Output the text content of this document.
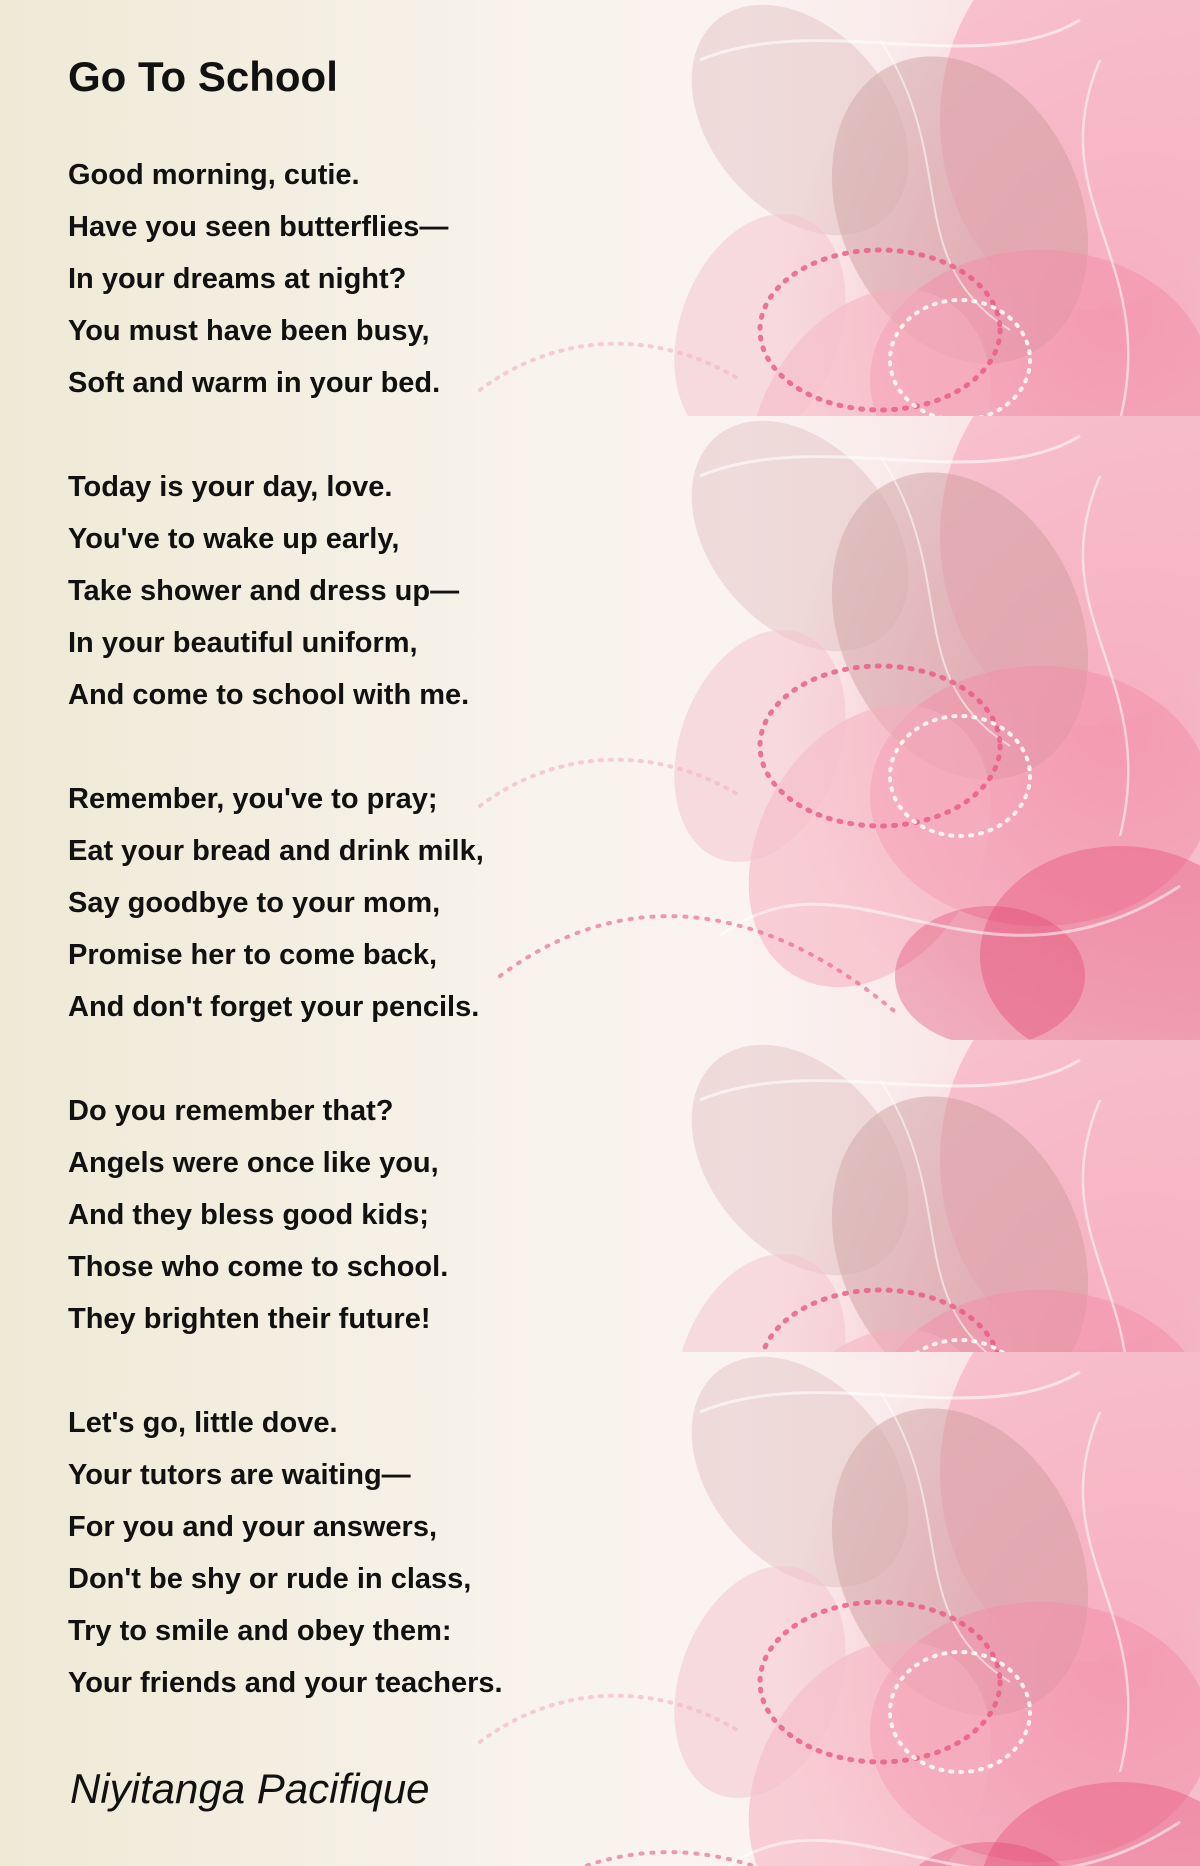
Go To School
Good morning, cutie.
Have you seen butterflies—
In your dreams at night?
You must have been busy,
Soft and warm in your bed.
Today is your day, love.
You've to wake up early,
Take shower and dress up—
In your beautiful uniform,
And come to school with me.
Remember, you've to pray;
Eat your bread and drink milk,
Say goodbye to your mom,
Promise her to come back,
And don't forget your pencils.
Do you remember that?
Angels were once like you,
And they bless good kids;
Those who come to school.
They brighten their future!
Let's go, little dove.
Your tutors are waiting—
For you and your answers,
Don't be shy or rude in class,
Try to smile and obey them:
Your friends and your teachers.

Niyitanga Pacifique
